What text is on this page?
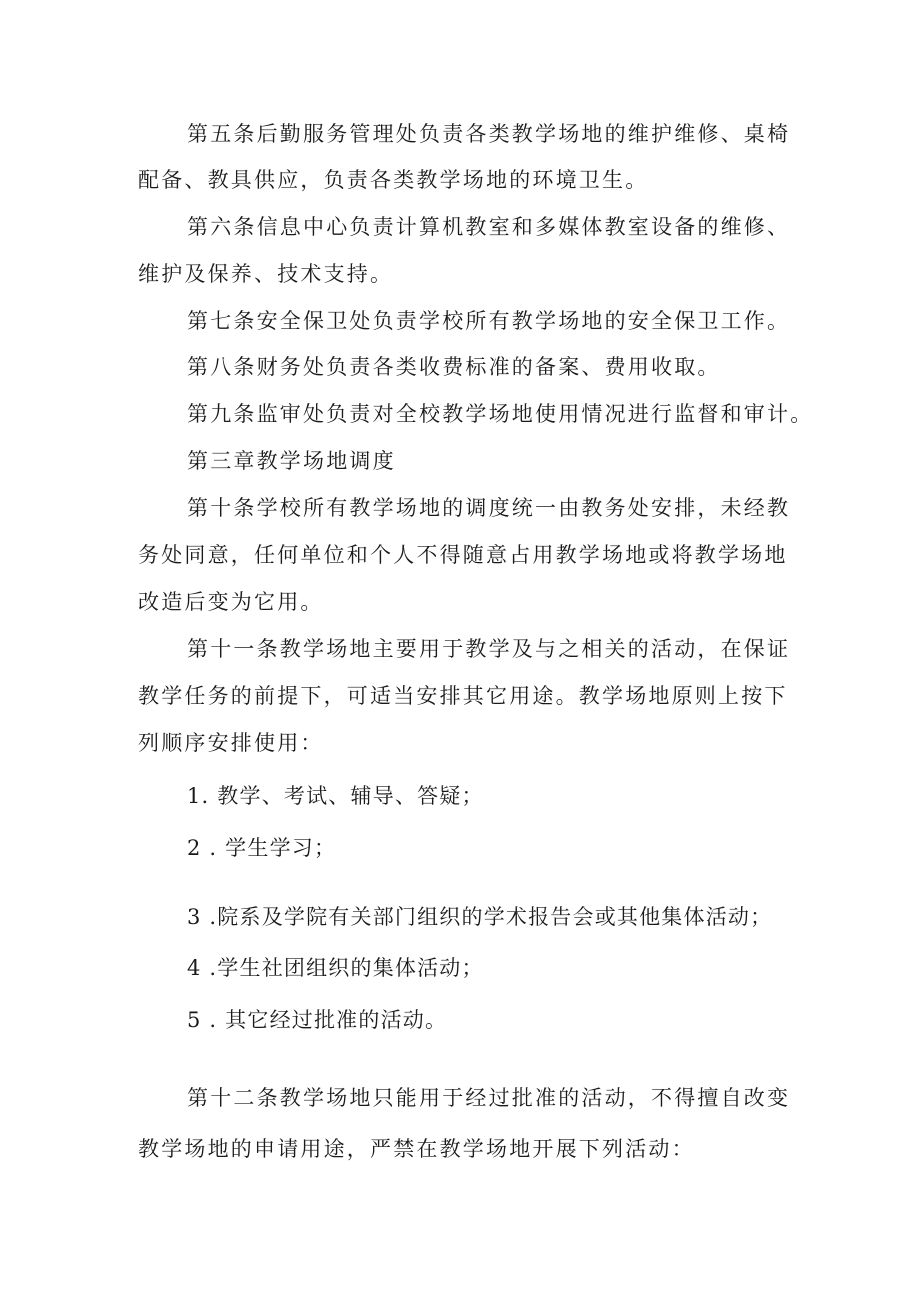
第五条后勤服务管理处负责各类教学场地的维护维修、桌椅
配备、教具供应，负责各类教学场地的环境卫生。
第六条信息中心负责计算机教室和多媒体教室设备的维修、
维护及保养、技术支持。
第七条安全保卫处负责学校所有教学场地的安全保卫工作。
第八条财务处负责各类收费标准的备案、费用收取。
第九条监审处负责对全校教学场地使用情况进行监督和审计。
第三章教学场地调度
第十条学校所有教学场地的调度统一由教务处安排，未经教
务处同意，任何单位和个人不得随意占用教学场地或将教学场地
改造后变为它用。
第十一条教学场地主要用于教学及与之相关的活动，在保证
教学任务的前提下，可适当安排其它用途。教学场地原则上按下
列顺序安排使用：
1. 教学、考试、辅导、答疑；
2 . 学生学习；
3 .院系及学院有关部门组织的学术报告会或其他集体活动；
4 .学生社团组织的集体活动；
5 . 其它经过批准的活动。
第十二条教学场地只能用于经过批准的活动，不得擅自改变
教学场地的申请用途，严禁在教学场地开展下列活动：
